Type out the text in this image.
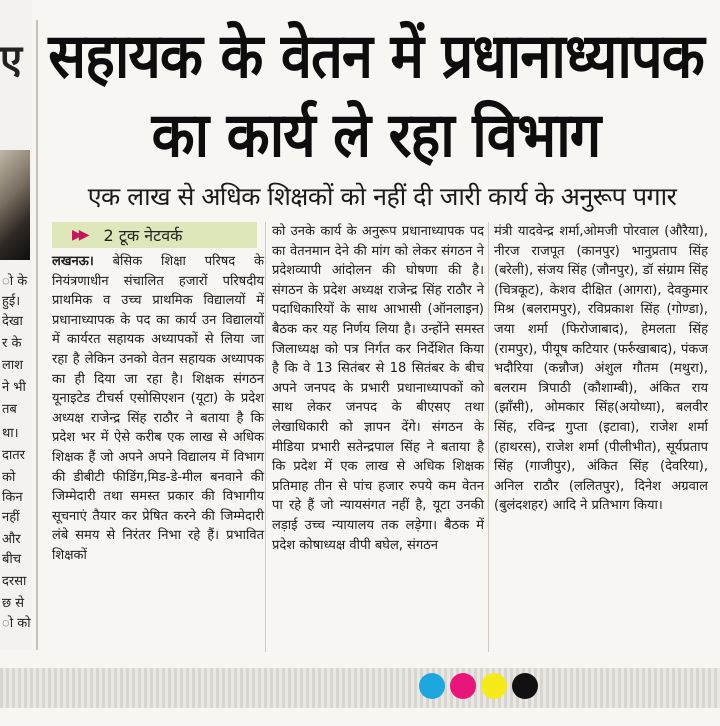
ए
ो के
हुई।
देखा
र के
लाश
ने भी
तब
था।
दातर
को
किन
नहीं
और
बीच
दरसा
छ से
ो को
सहायक के वेतन में प्रधानाध्यापक
का कार्य ले रहा विभाग
एक लाख से अधिक शिक्षकों को नहीं दी जारी कार्य के अनुरूप पगार
▶▶ 2 टूक नेटवर्क

लखनऊ। बेसिक शिक्षा परिषद के नियंत्रणाधीन संचालित हजारों परिषदीय प्राथमिक व उच्च प्राथमिक विद्यालयों में प्रधानाध्यापक के पद का कार्य उन विद्यालयों में कार्यरत सहायक अध्यापकों से लिया जा रहा है लेकिन उनको वेतन सहायक अध्यापक का ही दिया जा रहा है। शिक्षक संगठन यूनाइटेड टीचर्स एसोसिएशन (यूटा) के प्रदेश अध्यक्ष राजेन्द्र सिंह राठौर ने बताया है कि प्रदेश भर में ऐसे करीब एक लाख से अधिक शिक्षक हैं जो अपने अपने विद्यालय में विभाग की डीबीटी फीडिंग,मिड-डे-मील बनवाने की जिम्मेदारी तथा समस्त प्रकार की विभागीय सूचनाएं तैयार कर प्रेषित करने की जिम्मेदारी लंबे समय से निरंतर निभा रहे हैं। प्रभावित शिक्षकों

को उनके कार्य के अनुरूप प्रधानाध्यापक पद का वेतनमान देने की मांग को लेकर संगठन ने प्रदेशव्यापी आंदोलन की घोषणा की है। संगठन के प्रदेश अध्यक्ष राजेन्द्र सिंह राठौर ने पदाधिकारियों के साथ आभासी (ऑनलाइन) बैठक कर यह निर्णय लिया है। उन्होंने समस्त जिलाध्यक्ष को पत्र निर्गत कर निर्देशित किया है कि वे 13 सितंबर से 18 सितंबर के बीच अपने जनपद के प्रभारी प्रधानाध्यापकों को साथ लेकर जनपद के बीएसए तथा लेखाधिकारी को ज्ञापन देंगे। संगठन के मीडिया प्रभारी सतेन्द्रपाल सिंह ने बताया है कि प्रदेश में एक लाख से अधिक शिक्षक प्रतिमाह तीन से पांच हजार रुपये कम वेतन पा रहे हैं जो न्यायसंगत नहीं है, यूटा उनकी लड़ाई उच्च न्यायालय तक लड़ेगा। बैठक में प्रदेश कोषाध्यक्ष वीपी बघेल, संगठन

मंत्री यादवेन्द्र शर्मा,ओमजी पोरवाल (औरैया), नीरज राजपूत (कानपुर) भानुप्रताप सिंह (बरेली), संजय सिंह (जौनपुर), डॉ संग्राम सिंह (चित्रकूट), केशव दीक्षित (आगरा), देवकुमार मिश्र (बलरामपुर), रविप्रकाश सिंह (गोण्डा), जया शर्मा (फिरोजाबाद), हेमलता सिंह (रामपुर), पीयूष कटियार (फर्रुखाबाद), पंकज भदौरिया (कन्नौज) अंशुल गौतम (मथुरा), बलराम त्रिपाठी (कौशाम्बी), अंकित राय (झाँसी), ओमकार सिंह(अयोध्या), बलवीर सिंह, रविन्द्र गुप्ता (इटावा), राजेश शर्मा (हाथरस), राजेश शर्मा (पीलीभीत), सूर्यप्रताप सिंह (गाजीपुर), अंकित सिंह (देवरिया), अनिल राठौर (ललितपुर), दिनेश अग्रवाल (बुलंदशहर) आदि ने प्रतिभाग किया।
